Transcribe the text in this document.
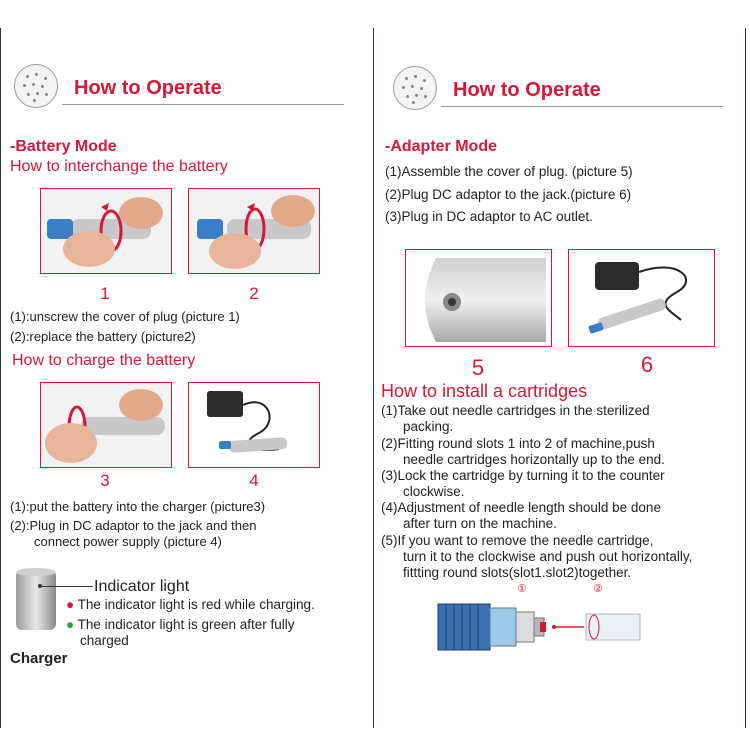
How to Operate
-Battery Mode
How to interchange the battery
1	2
(1):unscrew the cover of plug (picture 1)
(2):replace the battery (picture2)
How to charge the battery
3	4
(1):put the battery into the charger (picture3)
(2):Plug in DC adaptor to the jack and then
connect power supply (picture 4)
Indicator light
● The indicator light is red while charging.
● The indicator light is green after fully
charged
Charger
How to Operate
-Adapter Mode
(1)Assemble the cover of plug. (picture 5)
(2)Plug DC adaptor to the jack.(picture 6)
(3)Plug in DC adaptor to AC outlet.
5	6
How to install a cartridges
(1)Take out needle cartridges in the sterilized
packing.
(2)Fitting round slots 1 into 2 of machine,push
needle cartridges horizontally up to the end.
(3)Lock the cartridge by turning it to the counter
clockwise.
(4)Adjustment of needle length should be done
after turn on the machine.
(5)If you want to remove the needle cartridge,
turn it to the clockwise and push out horizontally,
fittting round slots(slot1.slot2)together.
①	②
